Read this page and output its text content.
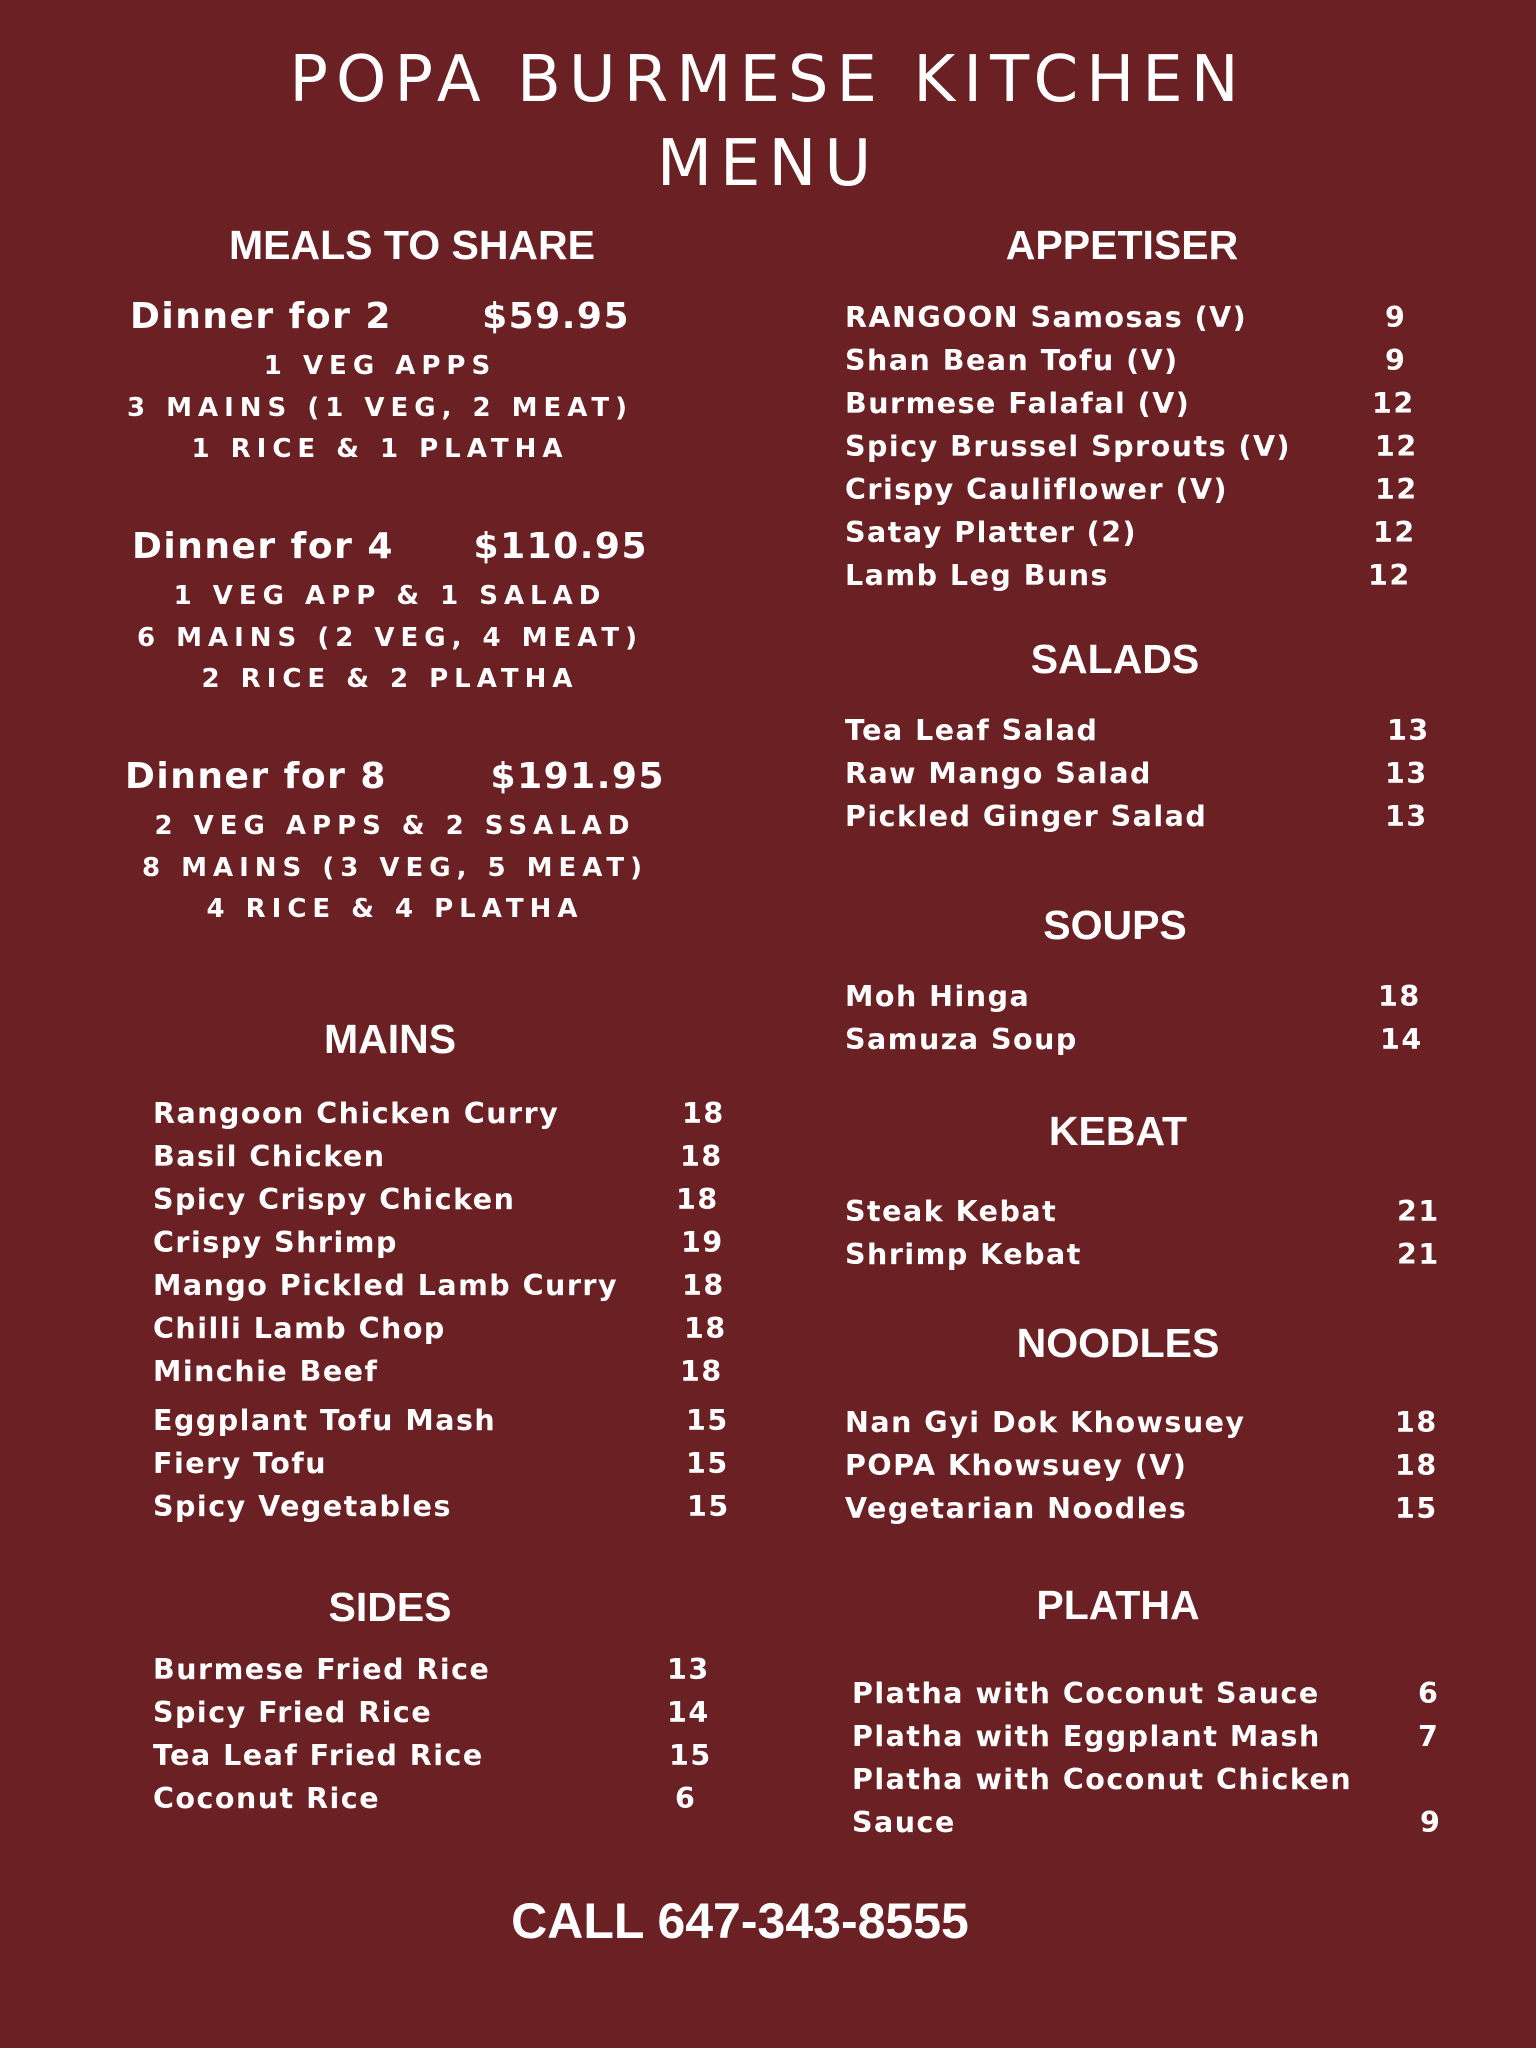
POPA BURMESE KITCHEN
MENU
MEALS TO SHARE
Dinner for 2	$59.95
1 VEG APPS
3 MAINS (1 VEG, 2 MEAT)
1 RICE & 1 PLATHA
Dinner for 4 $110.95
1 VEG APP & 1 SALAD
6 MAINS (2 VEG, 4 MEAT)
2 RICE & 2 PLATHA
Dinner for 8	$191.95
2 VEG APPS & 2 SSALAD
8 MAINS (3 VEG, 5 MEAT)
4 RICE & 4 PLATHA
MAINS
Rangoon Chicken Curry	18
Basil Chicken	18
Spicy Crispy Chicken	18
Crispy Shrimp	19
Mango Pickled Lamb Curry 18
Chilli Lamb Chop	18
Minchie Beef	18
Eggplant Tofu Mash	15
Fiery Tofu	15
Spicy Vegetables	15
SIDES
Burmese Fried Rice	13
Spicy Fried Rice	14
Tea Leaf Fried Rice	15
Coconut Rice	6
APPETISER
RANGOON Samosas (V)	9
Shan Bean Tofu (V)	9
Burmese Falafal (V)	12
Spicy Brussel Sprouts (V)	12
Crispy Cauliflower (V)	12
Satay Platter (2)	12
Lamb Leg Buns	12
SALADS
Tea Leaf Salad	13
Raw Mango Salad	13
Pickled Ginger Salad	13
SOUPS
Moh Hinga	18
Samuza Soup	14
KEBAT
Steak Kebat	21
Shrimp Kebat	21
NOODLES
Nan Gyi Dok Khowsuey	18
POPA Khowsuey (V)	18
Vegetarian Noodles	15
PLATHA
Platha with Coconut Sauce	6
Platha with Eggplant Mash	7
Platha with Coconut Chicken
Sauce	9
CALL 647-343-8555
